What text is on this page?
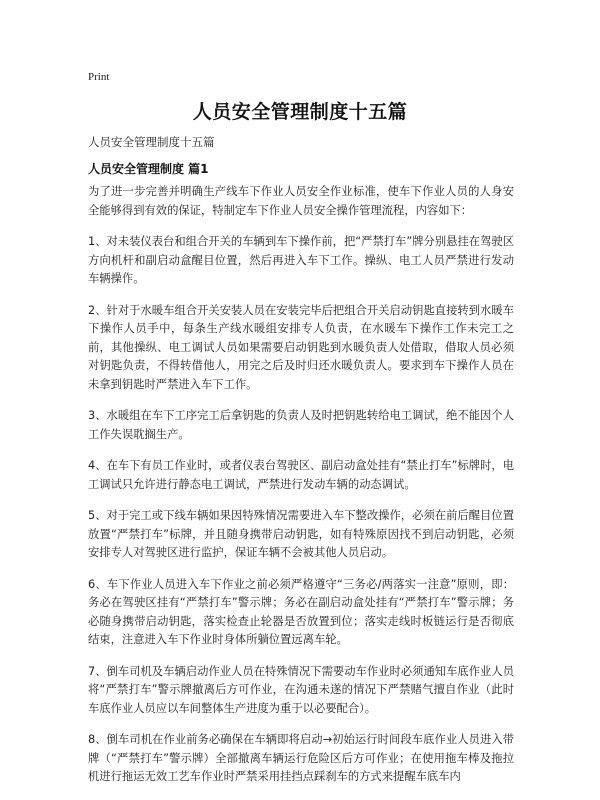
Print
人员安全管理制度十五篇
人员安全管理制度十五篇
人员安全管理制度 篇1

为了进一步完善并明确生产线车下作业人员安全作业标准，使车下作业人员的人身安全能够得到有效的保证，特制定车下作业人员安全操作管理流程，内容如下：

1、对未装仪表台和组合开关的车辆到车下操作前，把“严禁打车”牌分别悬挂在驾驶区方向机杆和副启动盒醒目位置，然后再进入车下工作。操纵、电工人员严禁进行发动车辆操作。

2、针对于水暖车组合开关安装人员在安装完毕后把组合开关启动钥匙直接转到水暖车下操作人员手中，每条生产线水暖组安排专人负责，在水暖车下操作工作未完工之前，其他操纵、电工调试人员如果需要启动钥匙到水暖负责人处借取，借取人员必须对钥匙负责，不得转借他人，用完之后及时归还水暖负责人。要求到车下操作人员在未拿到钥匙时严禁进入车下工作。

3、水暖组在车下工序完工后拿钥匙的负责人及时把钥匙转给电工调试，绝不能因个人工作失误耽搁生产。

4、在车下有员工作业时，或者仪表台驾驶区、副启动盒处挂有“禁止打车”标牌时，电工调试只允许进行静态电工调试，严禁进行发动车辆的动态调试。

5、对于完工或下线车辆如果因特殊情况需要进入车下整改操作，必须在前后醒目位置放置“严禁打车”标牌，并且随身携带启动钥匙，如有特殊原因找不到启动钥匙，必须安排专人对驾驶区进行监护，保证车辆不会被其他人员启动。

6、车下作业人员进入车下作业之前必须严格遵守“三务必/两落实一注意”原则，即：务必在驾驶区挂有“严禁打车”警示牌；务必在副启动盒处挂有“严禁打车”警示牌；务必随身携带启动钥匙，落实检查止轮器是否放置到位；落实走线时板链运行是否彻底结束，注意进入车下作业时身体所躺位置远离车轮。

7、倒车司机及车辆启动作业人员在特殊情况下需要动车作业时必须通知车底作业人员将“严禁打车”警示牌撤离后方可作业，在沟通未遂的情况下严禁赌气擅自作业（此时车底作业人员应以车间整体生产进度为重于以必要配合）。

8、倒车司机在作业前务必确保在车辆即将启动→初始运行时间段车底作业人员进入带牌（“严禁打车”警示牌）全部撤离车辆运行危险区后方可作业；在使用拖车棒及拖拉机进行拖运无效工艺车作业时严禁采用挂挡点踩刹车的方式来提醒车底车内
